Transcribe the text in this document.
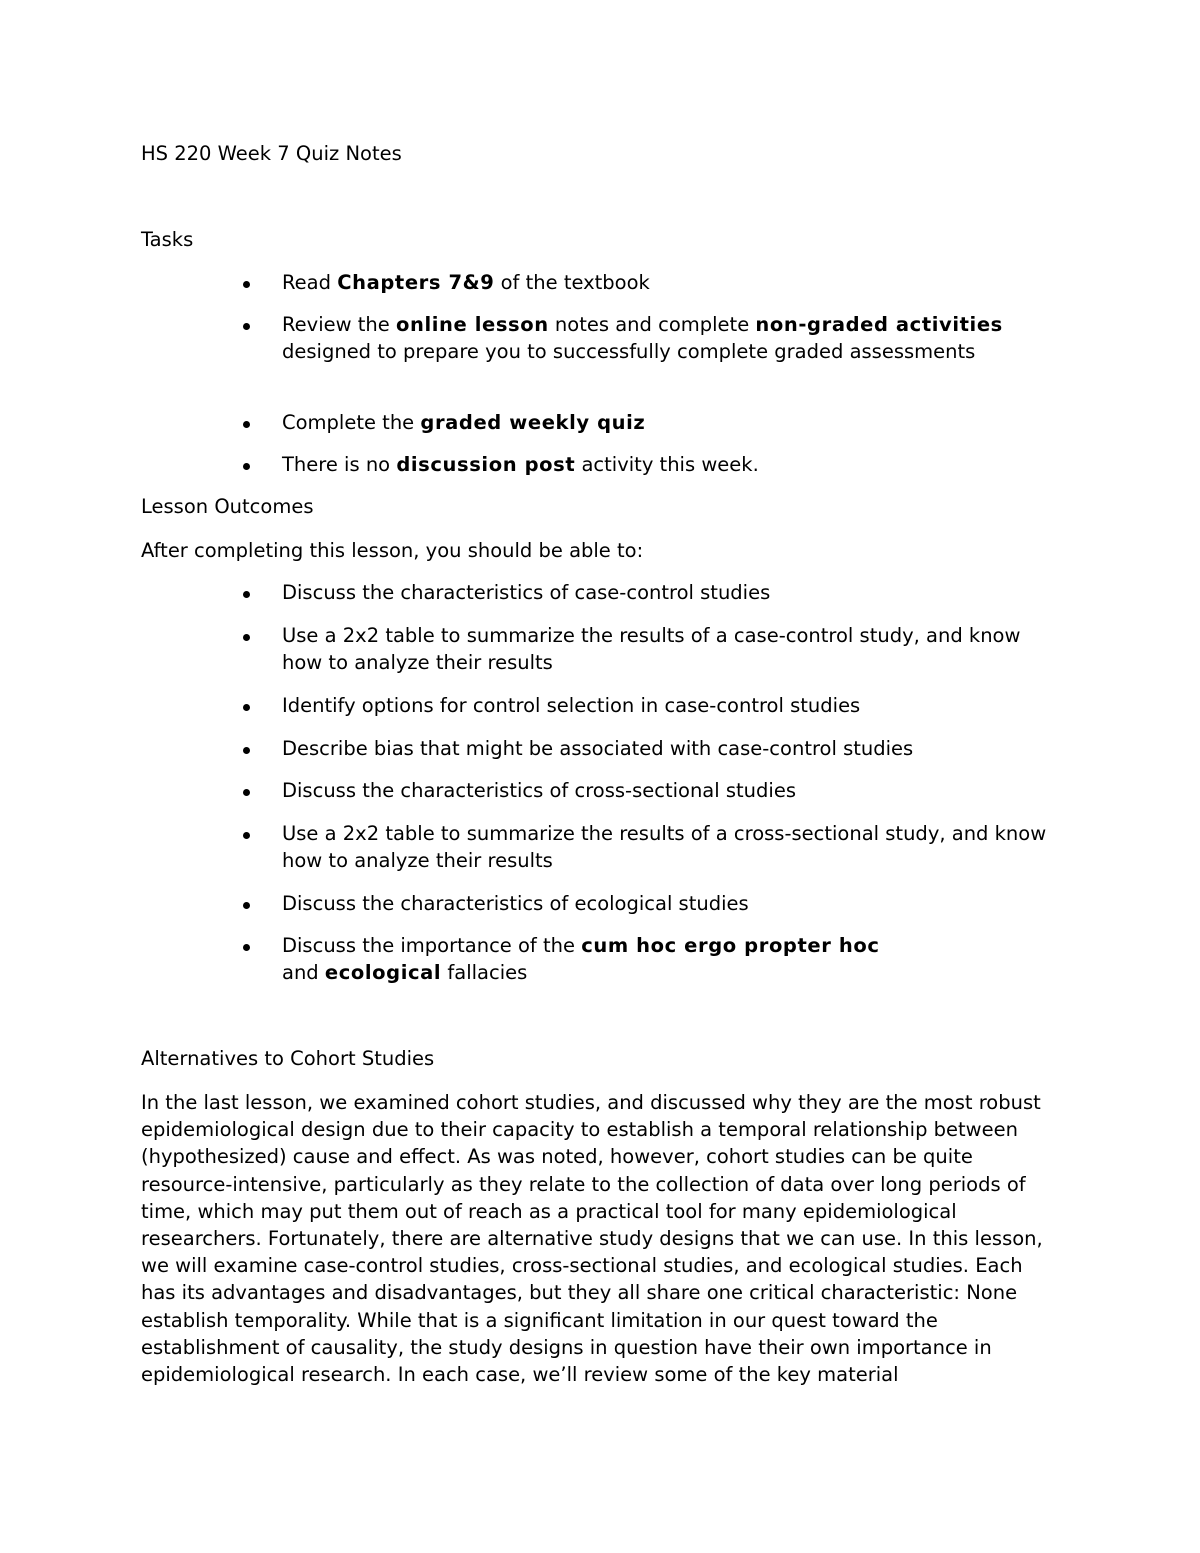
HS 220 Week 7 Quiz Notes

Tasks

Read Chapters 7&9 of the textbook
Review the online lesson notes and complete non-graded activities designed to prepare you to successfully complete graded assessments
Complete the graded weekly quiz
There is no discussion post activity this week.

Lesson Outcomes

After completing this lesson, you should be able to:

Discuss the characteristics of case-control studies
Use a 2x2 table to summarize the results of a case-control study, and know how to analyze their results
Identify options for control selection in case-control studies
Describe bias that might be associated with case-control studies
Discuss the characteristics of cross-sectional studies
Use a 2x2 table to summarize the results of a cross-sectional study, and know how to analyze their results
Discuss the characteristics of ecological studies
Discuss the importance of the cum hoc ergo propter hoc and ecological fallacies

Alternatives to Cohort Studies

In the last lesson, we examined cohort studies, and discussed why they are the most robust epidemiological design due to their capacity to establish a temporal relationship between (hypothesized) cause and effect. As was noted, however, cohort studies can be quite resource-intensive, particularly as they relate to the collection of data over long periods of time, which may put them out of reach as a practical tool for many epidemiological researchers. Fortunately, there are alternative study designs that we can use. In this lesson, we will examine case-control studies, cross-sectional studies, and ecological studies. Each has its advantages and disadvantages, but they all share one critical characteristic: None establish temporality. While that is a significant limitation in our quest toward the establishment of causality, the study designs in question have their own importance in epidemiological research. In each case, we’ll review some of the key material
